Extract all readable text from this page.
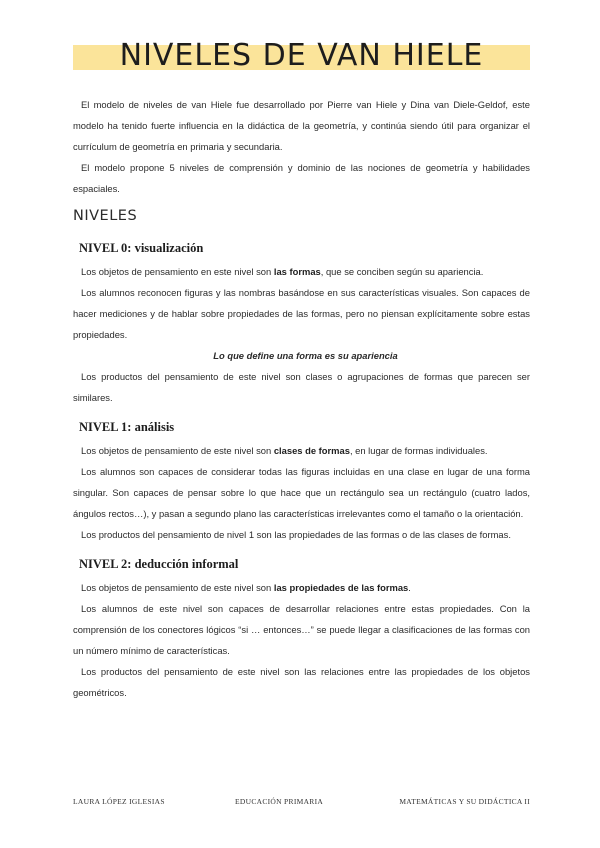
NIVELES DE VAN HIELE

El modelo de niveles de van Hiele fue desarrollado por Pierre van Hiele y Dina van Diele-Geldof, este modelo ha tenido fuerte influencia en la didáctica de la geometría, y continúa siendo útil para organizar el currículum de geometría en primaria y secundaria.

El modelo propone 5 niveles de comprensión y dominio de las nociones de geometría y habilidades espaciales.

NIVELES
NIVEL 0: visualización

Los objetos de pensamiento en este nivel son las formas, que se conciben según su apariencia.

Los alumnos reconocen figuras y las nombras basándose en sus características visuales. Son capaces de hacer mediciones y de hablar sobre propiedades de las formas, pero no piensan explícitamente sobre estas propiedades.

Lo que define una forma es su apariencia

Los productos del pensamiento de este nivel son clases o agrupaciones de formas que parecen ser similares.

NIVEL 1: análisis

Los objetos de pensamiento de este nivel son clases de formas, en lugar de formas individuales.

Los alumnos son capaces de considerar todas las figuras incluidas en una clase en lugar de una forma singular. Son capaces de pensar sobre lo que hace que un rectángulo sea un rectángulo (cuatro lados, ángulos rectos…), y pasan a segundo plano las características irrelevantes como el tamaño o la orientación.

Los productos del pensamiento de nivel 1 son las propiedades de las formas o de las clases de formas.

NIVEL 2: deducción informal

Los objetos de pensamiento de este nivel son las propiedades de las formas.

Los alumnos de este nivel son capaces de desarrollar relaciones entre estas propiedades. Con la comprensión de los conectores lógicos “si … entonces…” se puede llegar a clasificaciones de las formas con un número mínimo de características.

Los productos del pensamiento de este nivel son las relaciones entre las propiedades de los objetos geométricos.

LAURA LÓPEZ IGLESIAS	EDUCACIÓN PRIMARIA	MATEMÁTICAS Y SU DIDÁCTICA II
